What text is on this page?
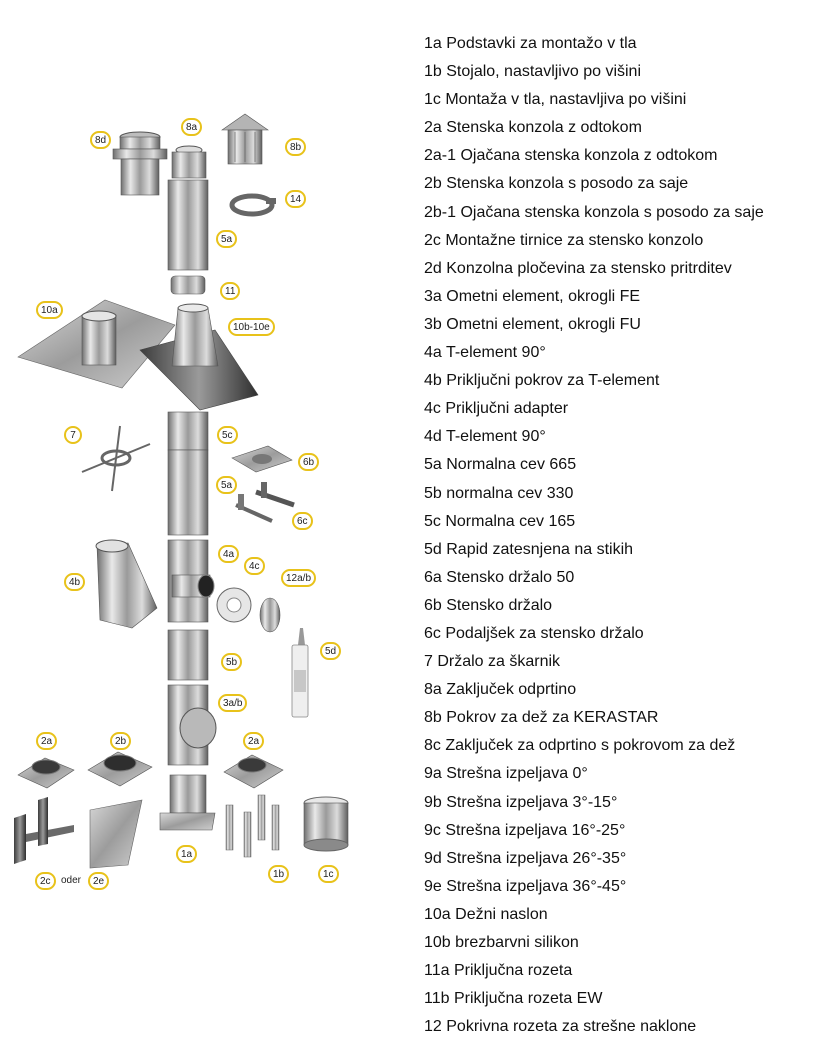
8d
8a
8b
14
5a
11
10a
10b-10e
7	5c
6b
5a
6c
4a
4c
12a/b
4b
5d
5b
3a/b
2a	2b	2a
1a
1b	1c
2c	oder	2e
1a Podstavki za montažo v tla
1b Stojalo, nastavljivo po višini
1c Montaža v tla, nastavljiva po višini
2a Stenska konzola z odtokom
2a-1 Ojačana stenska konzola z odtokom
2b Stenska konzola s posodo za saje
2b-1 Ojačana stenska konzola s posodo za saje
2c Montažne tirnice za stensko konzolo
2d Konzolna pločevina za stensko pritrditev
3a Ometni element, okrogli FE
3b Ometni element, okrogli FU
4a T-element 90°
4b Priključni pokrov za T-element
4c Priključni adapter
4d T-element 90°
5a Normalna cev 665
5b normalna cev 330
5c Normalna cev 165
5d Rapid zatesnjena na stikih
6a Stensko držalo 50
6b Stensko držalo
6c Podaljšek za stensko držalo
7 Držalo za škarnik
8a Zaključek odprtino
8b Pokrov za dež za KERASTAR
8c Zaključek za odprtino s pokrovom za dež
9a Strešna izpeljava 0°
9b Strešna izpeljava 3°-15°
9c Strešna izpeljava 16°-25°
9d Strešna izpeljava 26°-35°
9e Strešna izpeljava 36°-45°
10a Dežni naslon
10b brezbarvni silikon
11a Priključna rozeta
11b Priključna rozeta EW
12 Pokrivna rozeta za strešne naklone
